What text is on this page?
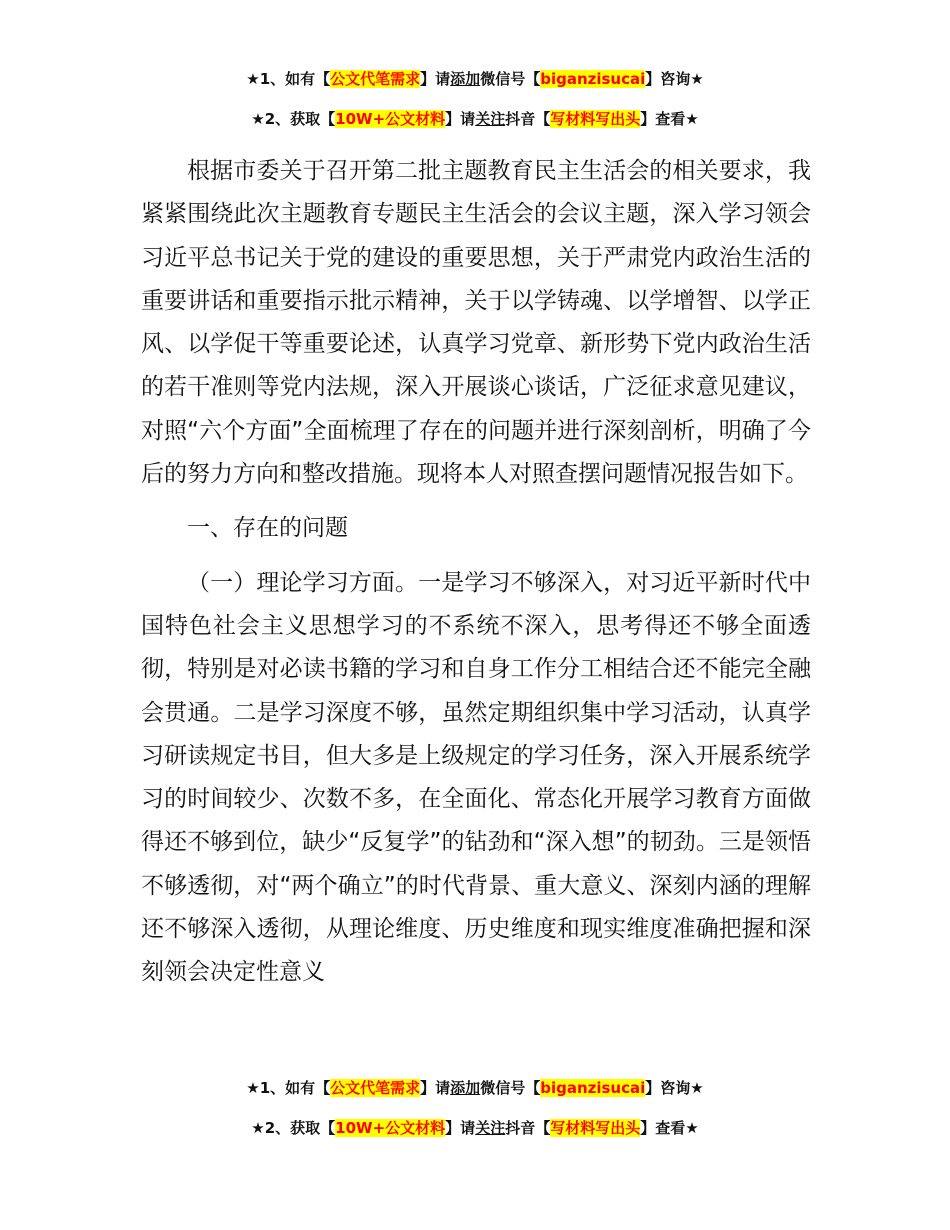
★1、如有【公文代笔需求】请添加微信号【biganzisucai】咨询★
★2、获取【10W+公文材料】请关注抖音【写材料写出头】查看★

根据市委关于召开第二批主题教育民主生活会的相关要求，我紧紧围绕此次主题教育专题民主生活会的会议主题，深入学习领会习近平总书记关于党的建设的重要思想，关于严肃党内政治生活的重要讲话和重要指示批示精神，关于以学铸魂、以学增智、以学正风、以学促干等重要论述，认真学习党章、新形势下党内政治生活的若干准则等党内法规，深入开展谈心谈话，广泛征求意见建议，对照“六个方面”全面梳理了存在的问题并进行深刻剖析，明确了今后的努力方向和整改措施。现将本人对照查摆问题情况报告如下。

一、存在的问题

（一）理论学习方面。一是学习不够深入，对习近平新时代中国特色社会主义思想学习的不系统不深入，思考得还不够全面透彻，特别是对必读书籍的学习和自身工作分工相结合还不能完全融会贯通。二是学习深度不够，虽然定期组织集中学习活动，认真学习研读规定书目，但大多是上级规定的学习任务，深入开展系统学习的时间较少、次数不多，在全面化、常态化开展学习教育方面做得还不够到位，缺少“反复学”的钻劲和“深入想”的韧劲。三是领悟不够透彻，对“两个确立”的时代背景、重大意义、深刻内涵的理解还不够深入透彻，从理论维度、历史维度和现实维度准确把握和深刻领会决定性意义

★1、如有【公文代笔需求】请添加微信号【biganzisucai】咨询★
★2、获取【10W+公文材料】请关注抖音【写材料写出头】查看★
